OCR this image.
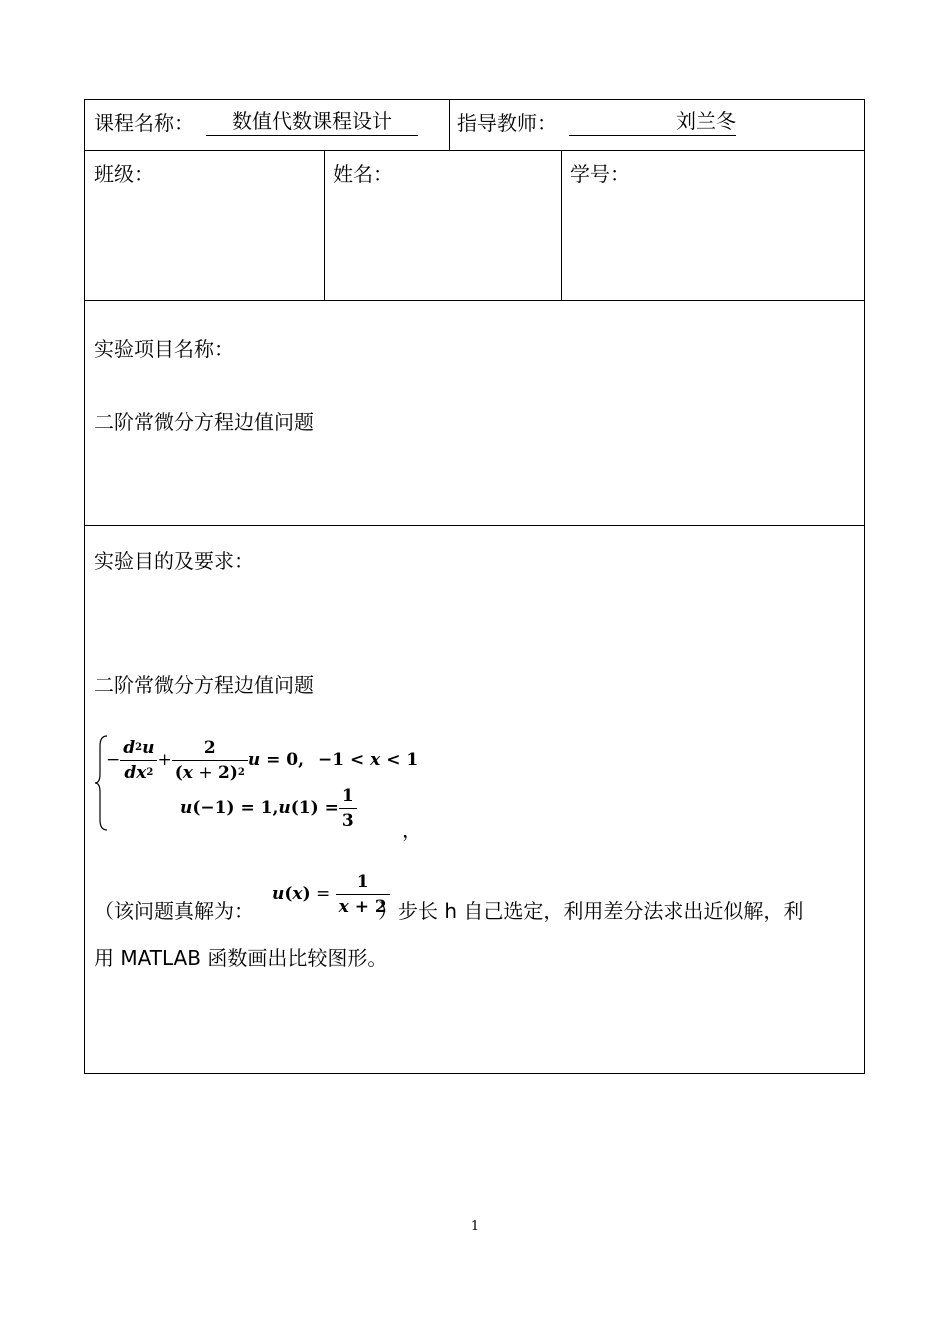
课程名称：	数值代数课程设计	指导教师：	刘兰冬
班级：	姓名：	学号：
实验项目名称：
二阶常微分方程边值问题
实验目的及要求：
二阶常微分方程边值问题
− $\frac{d^2u}{dx^2} + \frac{2}{(x + 2)^2}$ u = 0, −1 < x < 1
$u(-1) = 1,u(1) = \frac{1}{3}$ ，
（该问题真解为：
$u(x) = \frac{1}{x + 2}$
）步长 h 自己选定，利用差分法求出近似解，利
用 MATLAB 函数画出比较图形。
1
